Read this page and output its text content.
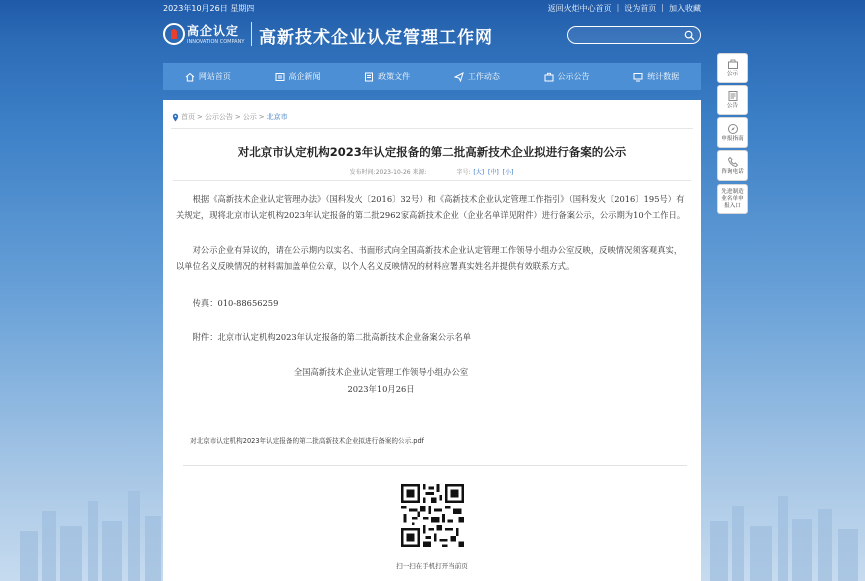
2023年10月26日 星期四	返回火炬中心首页 | 设为首页 | 加入收藏
高企认定
INNOVATION COMPANY 高新技术企业认定管理工作网
网站首页	高企新闻	政策文件	工作动态	公示公告	统计数据
首页 > 公示公告 > 公示 > 北京市
对北京市认定机构2023年认定报备的第二批高新技术企业拟进行备案的公示
发布时间:2023-10-26 来源:	字号: [大] [中] [小]

根据《高新技术企业认定管理办法》（国科发火〔2016〕32号）和《高新技术企业认定管理工作指引》（国科发火〔2016〕195号）有关规定，现将北京市认定机构2023年认定报备的第二批2962家高新技术企业（企业名单详见附件）进行备案公示，公示期为10个工作日。

对公示企业有异议的，请在公示期内以实名、书面形式向全国高新技术企业认定管理工作领导小组办公室反映，反映情况须客观真实，以单位名义反映情况的材料需加盖单位公章，以个人名义反映情况的材料应署真实姓名并提供有效联系方式。

传真：010-88656259

附件：北京市认定机构2023年认定报备的第二批高新技术企业备案公示名单

全国高新技术企业认定管理工作领导小组办公室
2023年10月26日
对北京市认定机构2023年认定报备的第二批高新技术企业拟进行备案的公示.pdf
扫一扫在手机打开当前页
公示
公告
申报指南
咨询电话
先进制造业名单申报入口
